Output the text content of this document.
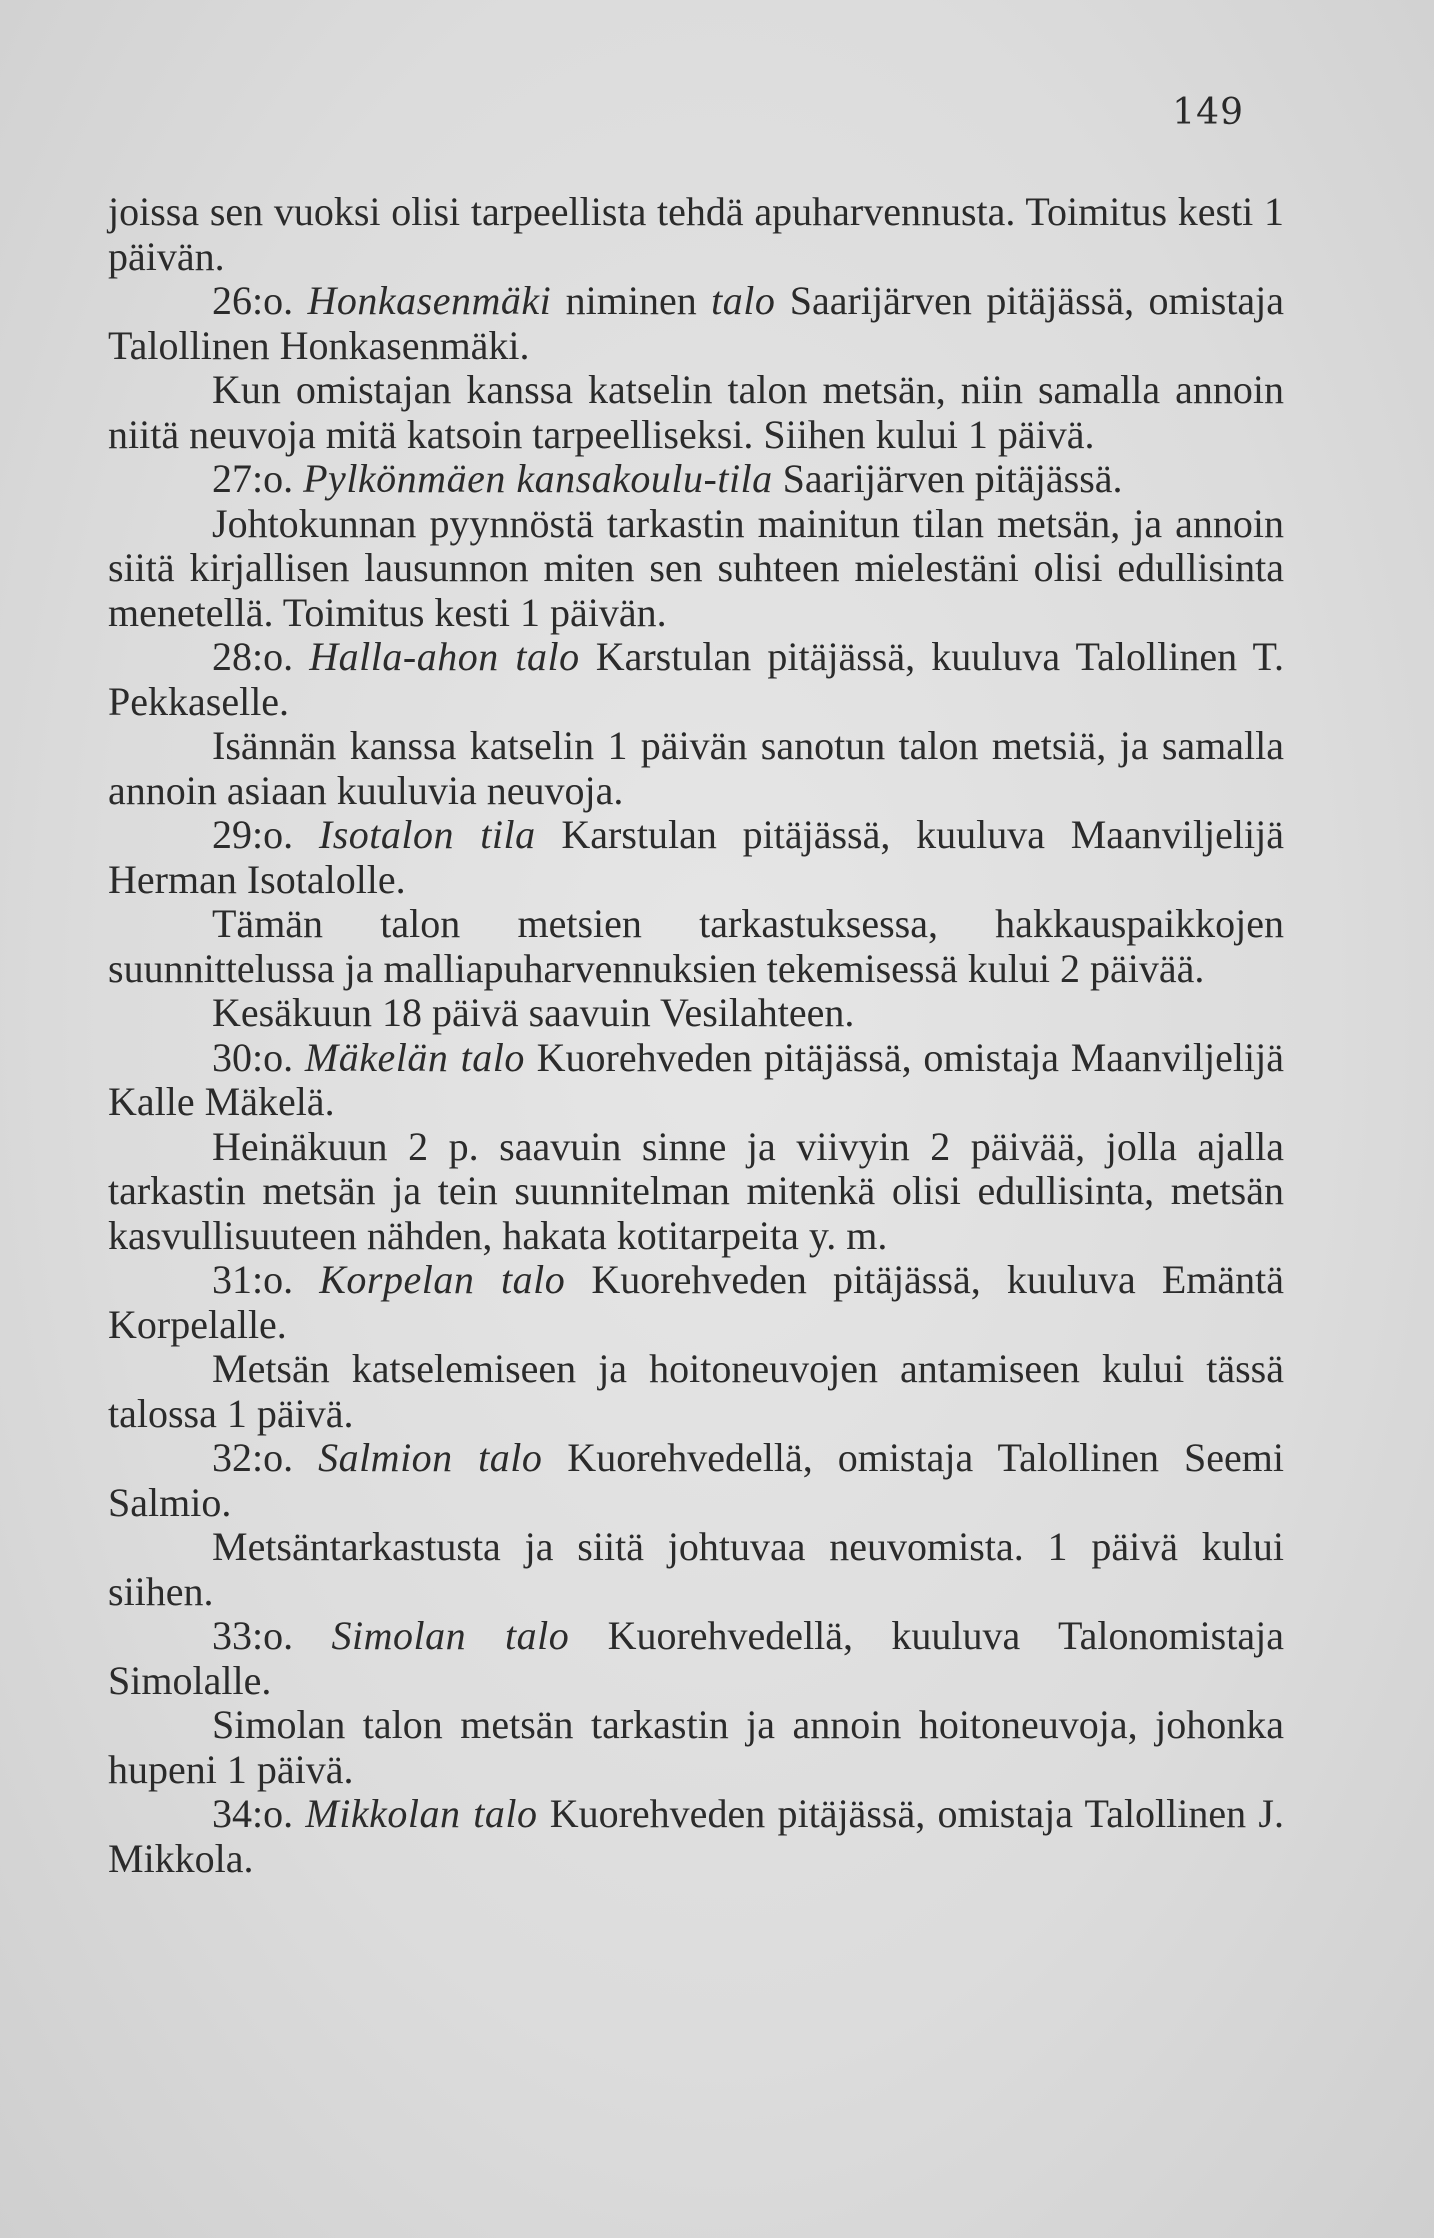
149

joissa sen vuoksi olisi tarpeellista tehdä apuharvennusta. Toimitus kesti 1 päivän.

26:o. Honkasenmäki niminen talo Saarijärven pitäjässä, omistaja Talollinen Honkasenmäki.

Kun omistajan kanssa katselin talon metsän, niin samalla annoin niitä neuvoja mitä katsoin tarpeelliseksi. Siihen kului 1 päivä.

27:o. Pylkönmäen kansakoulu-tila Saarijärven pitäjässä.

Johtokunnan pyynnöstä tarkastin mainitun tilan metsän, ja annoin siitä kirjallisen lausunnon miten sen suhteen mielestäni olisi edullisinta menetellä. Toimitus kesti 1 päivän.

28:o. Halla-ahon talo Karstulan pitäjässä, kuuluva Talollinen T. Pekkaselle.

Isännän kanssa katselin 1 päivän sanotun talon metsiä, ja samalla annoin asiaan kuuluvia neuvoja.

29:o. Isotalon tila Karstulan pitäjässä, kuuluva Maanviljelijä Herman Isotalolle.

Tämän talon metsien tarkastuksessa, hakkauspaikkojen suunnittelussa ja malliapuharvennuksien tekemisessä kului 2 päivää.

Kesäkuun 18 päivä saavuin Vesilahteen.

30:o. Mäkelän talo Kuorehveden pitäjässä, omistaja Maanviljelijä Kalle Mäkelä.

Heinäkuun 2 p. saavuin sinne ja viivyin 2 päivää, jolla ajalla tarkastin metsän ja tein suunnitelman mitenkä olisi edullisinta, metsän kasvullisuuteen nähden, hakata kotitarpeita y. m.

31:o. Korpelan talo Kuorehveden pitäjässä, kuuluva Emäntä Korpelalle.

Metsän katselemiseen ja hoitoneuvojen antamiseen kului tässä talossa 1 päivä.

32:o. Salmion talo Kuorehvedellä, omistaja Talollinen Seemi Salmio.

Metsäntarkastusta ja siitä johtuvaa neuvomista. 1 päivä kului siihen.

33:o. Simolan talo Kuorehvedellä, kuuluva Talonomistaja Simolalle.

Simolan talon metsän tarkastin ja annoin hoitoneuvoja, johonka hupeni 1 päivä.

34:o. Mikkolan talo Kuorehveden pitäjässä, omistaja Talollinen J. Mikkola.
